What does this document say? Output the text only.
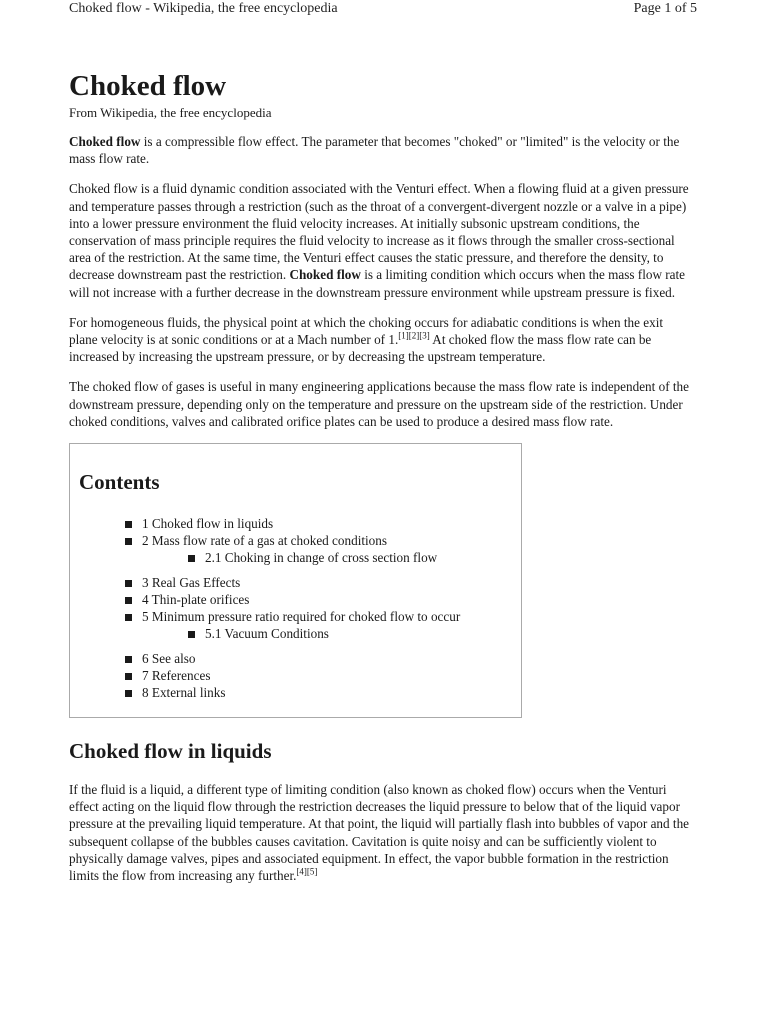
Choked flow - Wikipedia, the free encyclopedia	Page 1 of 5
Choked flow
From Wikipedia, the free encyclopedia

Choked flow is a compressible flow effect. The parameter that becomes "choked" or "limited" is the velocity or the mass flow rate.

Choked flow is a fluid dynamic condition associated with the Venturi effect. When a flowing fluid at a given pressure and temperature passes through a restriction (such as the throat of a convergent-divergent nozzle or a valve in a pipe) into a lower pressure environment the fluid velocity increases. At initially subsonic upstream conditions, the conservation of mass principle requires the fluid velocity to increase as it flows through the smaller cross-sectional area of the restriction. At the same time, the Venturi effect causes the static pressure, and therefore the density, to decrease downstream past the restriction. Choked flow is a limiting condition which occurs when the mass flow rate will not increase with a further decrease in the downstream pressure environment while upstream pressure is fixed.

For homogeneous fluids, the physical point at which the choking occurs for adiabatic conditions is when the exit plane velocity is at sonic conditions or at a Mach number of 1.[1][2][3] At choked flow the mass flow rate can be increased by increasing the upstream pressure, or by decreasing the upstream temperature.

The choked flow of gases is useful in many engineering applications because the mass flow rate is independent of the downstream pressure, depending only on the temperature and pressure on the upstream side of the restriction. Under choked conditions, valves and calibrated orifice plates can be used to produce a desired mass flow rate.

Contents
1 Choked flow in liquids
2 Mass flow rate of a gas at choked conditions
2.1 Choking in change of cross section flow
3 Real Gas Effects
4 Thin-plate orifices
5 Minimum pressure ratio required for choked flow to occur
5.1 Vacuum Conditions
6 See also
7 References
8 External links
Choked flow in liquids

If the fluid is a liquid, a different type of limiting condition (also known as choked flow) occurs when the Venturi effect acting on the liquid flow through the restriction decreases the liquid pressure to below that of the liquid vapor pressure at the prevailing liquid temperature. At that point, the liquid will partially flash into bubbles of vapor and the subsequent collapse of the bubbles causes cavitation. Cavitation is quite noisy and can be sufficiently violent to physically damage valves, pipes and associated equipment. In effect, the vapor bubble formation in the restriction limits the flow from increasing any further.[4][5]
